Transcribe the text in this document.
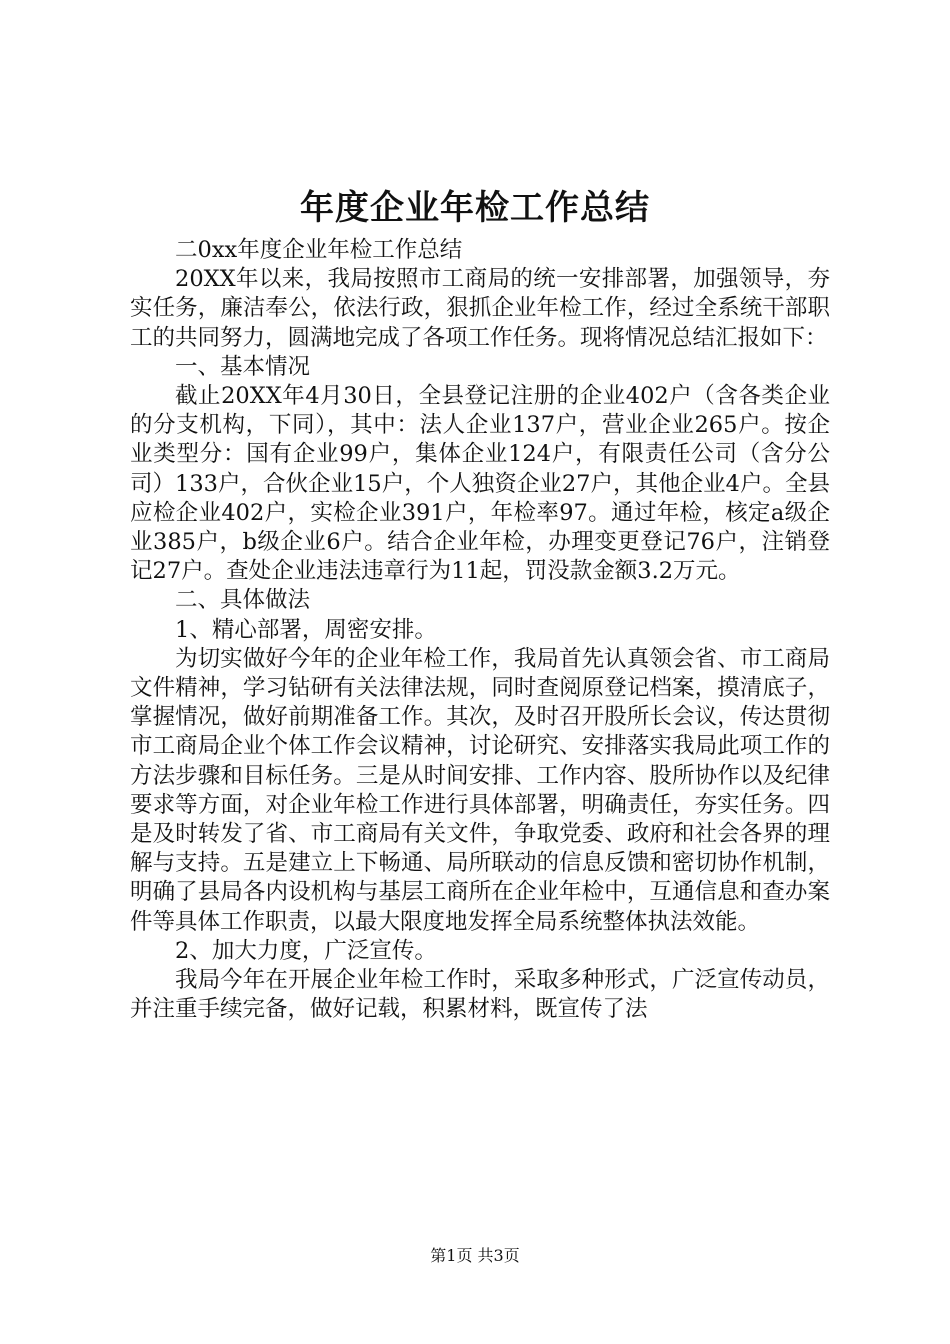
年度企业年检工作总结

二0xx年度企业年检工作总结

20XX年以来，我局按照市工商局的统一安排部署，加强领导，夯实任务，廉洁奉公，依法行政，狠抓企业年检工作，经过全系统干部职工的共同努力，圆满地完成了各项工作任务。现将情况总结汇报如下：

一、基本情况

截止20XX年4月30日，全县登记注册的企业402户（含各类企业的分支机构，下同），其中：法人企业137户，营业企业265户。按企业类型分：国有企业99户，集体企业124户，有限责任公司（含分公司）133户，合伙企业15户，个人独资企业27户，其他企业4户。全县应检企业402户，实检企业391户，年检率97。通过年检，核定a级企业385户，b级企业6户。结合企业年检，办理变更登记76户，注销登记27户。查处企业违法违章行为11起，罚没款金额3.2万元。

二、具体做法

1、精心部署，周密安排。

为切实做好今年的企业年检工作，我局首先认真领会省、市工商局文件精神，学习钻研有关法律法规，同时查阅原登记档案，摸清底子，掌握情况，做好前期准备工作。其次，及时召开股所长会议，传达贯彻市工商局企业个体工作会议精神，讨论研究、安排落实我局此项工作的方法步骤和目标任务。三是从时间安排、工作内容、股所协作以及纪律要求等方面，对企业年检工作进行具体部署，明确责任，夯实任务。四是及时转发了省、市工商局有关文件，争取党委、政府和社会各界的理解与支持。五是建立上下畅通、局所联动的信息反馈和密切协作机制，明确了县局各内设机构与基层工商所在企业年检中，互通信息和查办案件等具体工作职责，以最大限度地发挥全局系统整体执法效能。

2、加大力度，广泛宣传。

我局今年在开展企业年检工作时，采取多种形式，广泛宣传动员，并注重手续完备，做好记载，积累材料，既宣传了法

第1页 共3页
